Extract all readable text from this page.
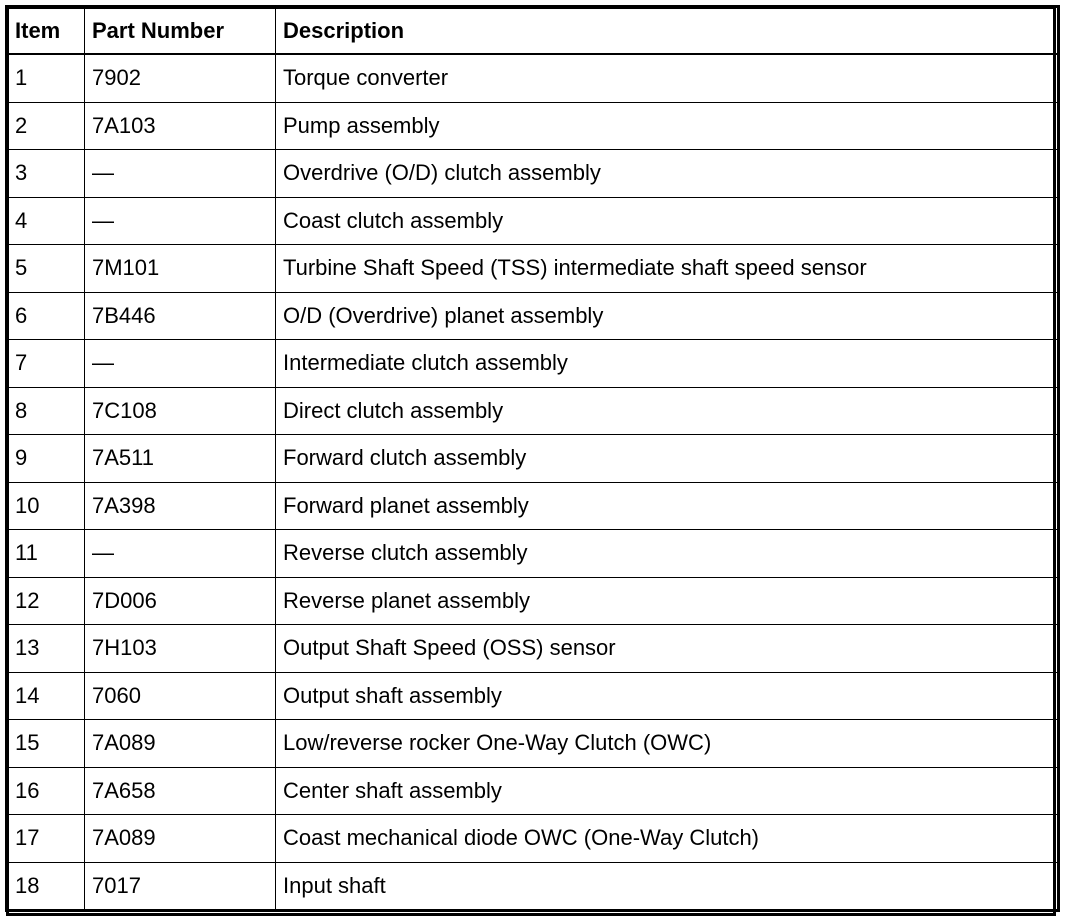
Item	Part Number	Description
1	7902	Torque converter
2	7A103	Pump assembly
3	—	Overdrive (O/D) clutch assembly
4	—	Coast clutch assembly
5	7M101	Turbine Shaft Speed (TSS) intermediate shaft speed sensor
6	7B446	O/D (Overdrive) planet assembly
7	—	Intermediate clutch assembly
8	7C108	Direct clutch assembly
9	7A511	Forward clutch assembly
10	7A398	Forward planet assembly
11	—	Reverse clutch assembly
12	7D006	Reverse planet assembly
13	7H103	Output Shaft Speed (OSS) sensor
14	7060	Output shaft assembly
15	7A089	Low/reverse rocker One-Way Clutch (OWC)
16	7A658	Center shaft assembly
17	7A089	Coast mechanical diode OWC (One-Way Clutch)
18	7017	Input shaft
